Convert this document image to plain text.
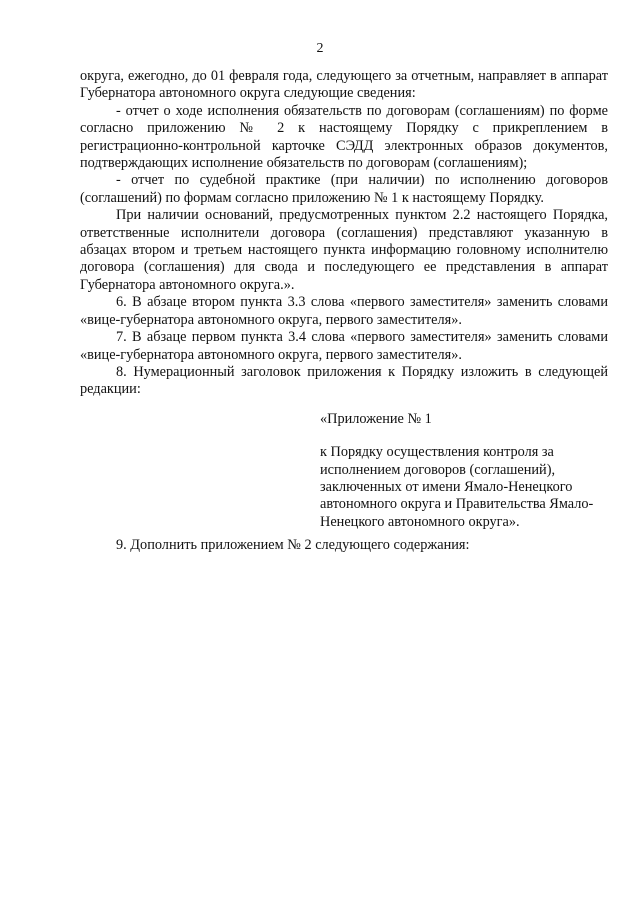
2

округа, ежегодно, до 01 февраля года, следующего за отчетным, направляет в аппарат Губернатора автономного округа следующие сведения:

- отчет о ходе исполнения обязательств по договорам (соглашениям) по форме согласно приложению № 2 к настоящему Порядку с прикреплением в регистрационно-контрольной карточке СЭДД электронных образов документов, подтверждающих исполнение обязательств по договорам (соглашениям);

- отчет по судебной практике (при наличии) по исполнению договоров (соглашений) по формам согласно приложению № 1 к настоящему Порядку.

При наличии оснований, предусмотренных пунктом 2.2 настоящего Порядка, ответственные исполнители договора (соглашения) представляют указанную в абзацах втором и третьем настоящего пункта информацию головному исполнителю договора (соглашения) для свода и последующего ее представления в аппарат Губернатора автономного округа.».

6. В абзаце втором пункта 3.3 слова «первого заместителя» заменить словами «вице-губернатора автономного округа, первого заместителя».

7. В абзаце первом пункта 3.4 слова «первого заместителя» заменить словами «вице-губернатора автономного округа, первого заместителя».

8. Нумерационный заголовок приложения к Порядку изложить в следующей редакции:

«Приложение № 1

к Порядку осуществления контроля за исполнением договоров (соглашений), заключенных от имени Ямало-Ненецкого автономного округа и Правительства Ямало-Ненецкого автономного округа».

9. Дополнить приложением № 2 следующего содержания:
